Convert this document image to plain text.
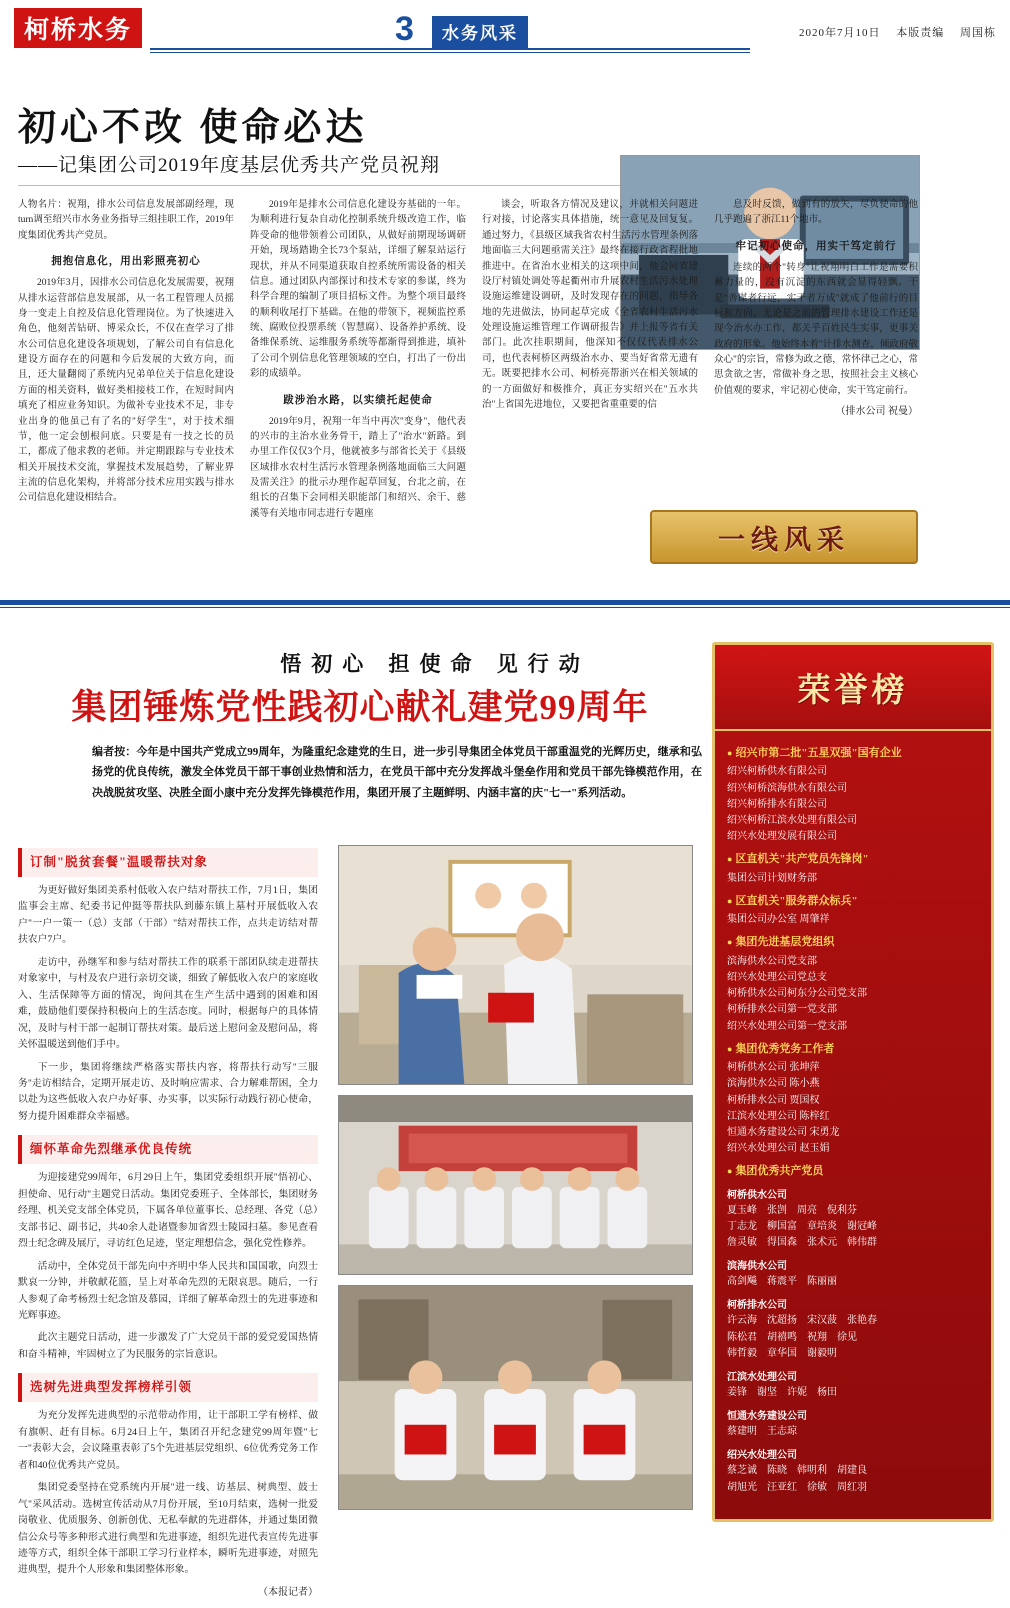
柯桥水务	3	水务风采	2020年7月10日 本版责编 周国栋
初心不改 使命必达
——记集团公司2019年度基层优秀共产党员祝翔

人物名片：祝翔，排水公司信息发展部副经理，现turn调至绍兴市水务业务指导三组挂职工作，2019年度集团优秀共产党员。

拥抱信息化，用出彩照亮初心

2019年3月，因排水公司信息化发展需要，祝翔从排水运营部信息发展部，从一名工程管理人员摇身一变走上自控及信息化管理岗位。为了快速进入角色，他刻苦钻研、博采众长，不仅在查学习了排水公司信息化建设各项规划，了解公司自有信息化建设方面存在的问题和今后发展的大致方向，而且，还大量翻阅了系统内兄弟单位关于信息化建设方面的相关资料，做好类相接枝工作，在短时间内填充了相应业务知识。为做补专业技术不足，非专业出身的他虽己有了名的"好学生"，对于技术细节，他一定会刨根问底。只要是有一技之长的员工，都成了他求教的老师。并定期跟踪与专业技术相关开展技术交流，掌握技术发展趋势，了解业界主流的信息化架构，并将部分技术应用实践与排水公司信息化建设相结合。

2019年是排水公司信息化建设夯基础的一年。为顺利进行复杂自动化控制系统升级改造工作，临阵受命的他带领着公司团队，从做好前期现场调研开始，现场踏勘全长73个泵站，详细了解泵站运行现状，并从不同渠道获取自控系统所需设备的相关信息。通过团队内部探讨和技术专家的参谋，终为科学合理的编制了项目招标文件。为整个项目最终的顺利收尾打下基础。在他的带领下，视频监控系统、腐败位投票系统（智慧腐）、设备养护系统、设备维保系统、运维服务系统等都渐得到推进，填补了公司个别信息化管理领域的空白，打出了一份出彩的成绩单。

跋涉治水路，以实绩托起使命

2019年9月，祝翔一年当中再次"变身"，他代表的兴市的主治水业务骨干，踏上了"治水"新路。到办里工作仅仅3个月，他就被多与部省长关于《县级区域排水农村生活污水管理条例落地面临三大问题及需关注》的批示办理作起草回复，台北之前，在组长的召集下会同相关职能部门和绍兴、余干、慈溪等有关地市同志进行专题座

谈会，听取各方情况及建议，并就相关问题进行对接，讨论落实具体措施，统一意见及回复复。通过努力，《县级区域我省农村生活污水管理条例落地面临三大问题亟需关注》最终在接行政省程批地推进中。在省治水业相关的这项中间，他会同省建设厅村镇处调处等起衢州市升展农村生活污水处理设施运维建设调研，及时发现存在的问题，指导各地的先进做法，协同起草完成《全省农村生活污水处理设施运维管理工作调研报告》并上报等省有关部门。此次挂职期间，他深知不仅仅代表排水公司，也代表柯桥区两级治水办、要当好省常无遗有无。既要把排水公司、柯桥亮帮浙兴在相关领域的的一方面做好和极推介，真正夯实绍兴在"五水共治"上省国先进地位，又要把省重重要的信

息及时反馈，做到有的放矢，尽负使命的他几乎跑遍了浙江11个地市。

牢记初心使命，用实干笃定前行

连续的两个"转身"让祝翔明白工作是需要积蓄力量的，没有沉淀的东西就会显得轻飘。干是"善谋者行远，实干者万成"就成了他前行的目标和方向。无论是之前的管理排水建设工作还是现今治水办工作，都关乎百姓民生实事，更事关政府的形象。他始终本着"计排水测查，倾政府敬众心"的宗旨，常修为政之德，常怀律己之心，常思贪欲之害，常做补身之思，按照社会主义核心价值观的要求，牢记初心使命，实干笃定前行。

（排水公司 祝曼）

一线风采
悟初心 担使命 见行动
集团锤炼党性践初心献礼建党99周年
编者按：今年是中国共产党成立99周年，为隆重纪念建党的生日，进一步引导集团全体党员干部重温党的光辉历史，继承和弘扬党的优良传统，激发全体党员干部干事创业热情和活力，在党员干部中充分发挥战斗堡垒作用和党员干部先锋模范作用，在决战脱贫攻坚、决胜全面小康中充分发挥先锋模范作用，集团开展了主题鲜明、内涵丰富的庆"七一"系列活动。
订制"脱贫套餐"温暖帮扶对象

为更好做好集团美系村低收入农户结对帮扶工作，7月1日，集团监事会主席、纪委书记仲挺等帮扶队到藤东镇上墓村开展低收入农户"一户一策一（总）支部（干部）"结对帮扶工作，点共走访结对帮扶农户7户。

走访中，孙继军和参与结对帮扶工作的联系干部团队续走进帮扶对象家中，与村及农户进行亲切交谈，细致了解低收入农户的家庭收入、生活保障等方面的情况，询问其在生产生活中遇到的困难和困难，鼓励他们要保持积极向上的生活态度。同时，根据每户的具体情况，及时与村干部一起制订帮扶对策。最后送上慰问金及慰问品，将关怀温暖送到他们手中。

下一步，集团将继续严格落实帮扶内容，将帮扶行动写"三服务"走访相结合，定期开展走访、及时响应需求、合力解难帮困，全力以赴为这些低收入农户办好事、办实事，以实际行动践行初心使命，努力提升困难群众幸福感。

缅怀革命先烈继承优良传统

为迎接建党99周年，6月29日上午，集团党委组织开展"悟初心、担使命、见行动"主题党日活动。集团党委班子、全体部长，集团财务经理、机关党支部全体党员，下属各单位董事长、总经理、各党（总）支部书记、副书记，共40余人赴诸暨参加省烈士陵园扫墓。参见查看烈士纪念碑及展厅，寻访红色足迹，坚定理想信念，强化党性修养。

活动中，全体党员干部先向中齐明中华人民共和国国歌，向烈士默哀一分钟，并敬献花篮，呈上对革命先烈的无限哀思。随后，一行人参观了命考杨烈士纪念馆及慕园，详细了解革命烈士的先进事迹和光辉事迹。

此次主题党日活动，进一步激发了广大党员干部的爱党爱国热情和奋斗精神，牢固树立了为民服务的宗旨意识。

选树先进典型发挥榜样引领

为充分发挥先进典型的示范带动作用，让干部职工学有榜样、做有旗帜、赶有目标。6月24日上午，集团召开纪念建党99周年暨"七一"表彰大会，会议隆重表彰了5个先进基层党组织、6位优秀党务工作者和40位优秀共产党员。

集团党委坚持在党系统内开展"进一线、访基层、树典型、鼓士气"采风活动。选树宣传活动从7月份开展，至10月结束，选树一批爱岗敬业、优质服务、创新创优、无私奉献的先进群体，并通过集团微信公众号等多种形式进行典型和先进事迹，组织先进代表宣传先进事迹等方式，组织全体干部职工学习行业样本，瞬听先进事迹，对照先进典型，提升个人形象和集团整体形象。

（本报记者）

荣誉榜
● 绍兴市第二批"五星双强"国有企业
绍兴柯桥供水有限公司
绍兴柯桥滨海供水有限公司
绍兴柯桥排水有限公司
绍兴柯桥江滨水处理有限公司
绍兴水处理发展有限公司
● 区直机关"共产党员先锋岗"
集团公司计划财务部
● 区直机关"服务群众标兵"
集团公司办公室 周肇祥
● 集团先进基层党组织
滨海供水公司党支部
绍兴水处理公司党总支
柯桥供水公司柯东分公司党支部
柯桥排水公司第一党支部
绍兴水处理公司第一党支部
● 集团优秀党务工作者
柯桥供水公司 张坤萍
滨海供水公司 陈小燕
柯桥排水公司 贾国权
江滨水处理公司 陈梓红
恒通水务建设公司 宋勇龙
绍兴水处理公司 赵玉娟
● 集团优秀共产党员
柯桥供水公司
夏玉峰　张剀　周亮　倪利芬
丁志龙　柳国富　章培炎　谢冠峰
詹灵敏　得国森　张术元　韩伟群
滨海供水公司
高剑飚　蒋震平　陈丽丽
柯桥排水公司
许云海　沈超扬　宋汉菠　张艳春
陈松君　胡禧鸣　祝翔　徐见
韩哲毅　章华国　谢毅明
江滨水处理公司
姜锋　谢坚　许妮　杨田
恒通水务建设公司
蔡建明　王志琼
绍兴水处理公司
蔡芝诚　陈晓　韩明利　胡建良
胡旭光　汪亚红　徐敏　周红羽
